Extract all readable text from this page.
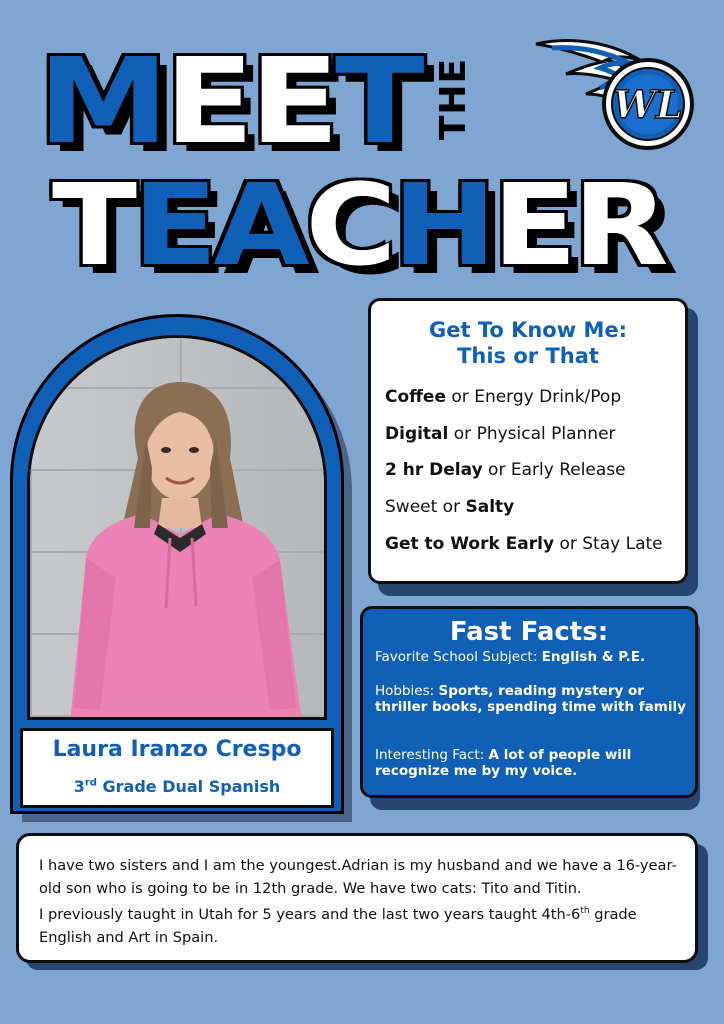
MEET THE
TEACHER
WL
Laura Iranzo Crespo
3rd Grade Dual Spanish
Get To Know Me:
This or That
Coffee or Energy Drink/Pop
Digital or Physical Planner
2 hr Delay or Early Release
Sweet or Salty
Get to Work Early or Stay Late
Fast Facts:
Favorite School Subject: English & P.E.
Hobbies: Sports, reading mystery or thriller books, spending time with family
Interesting Fact: A lot of people will recognize me by my voice.
I have two sisters and I am the youngest.Adrian is my husband and we have a 16-year-old son who is going to be in 12th grade. We have two cats: Tito and Titin.
I previously taught in Utah for 5 years and the last two years taught 4th-6th grade English and Art in Spain.
